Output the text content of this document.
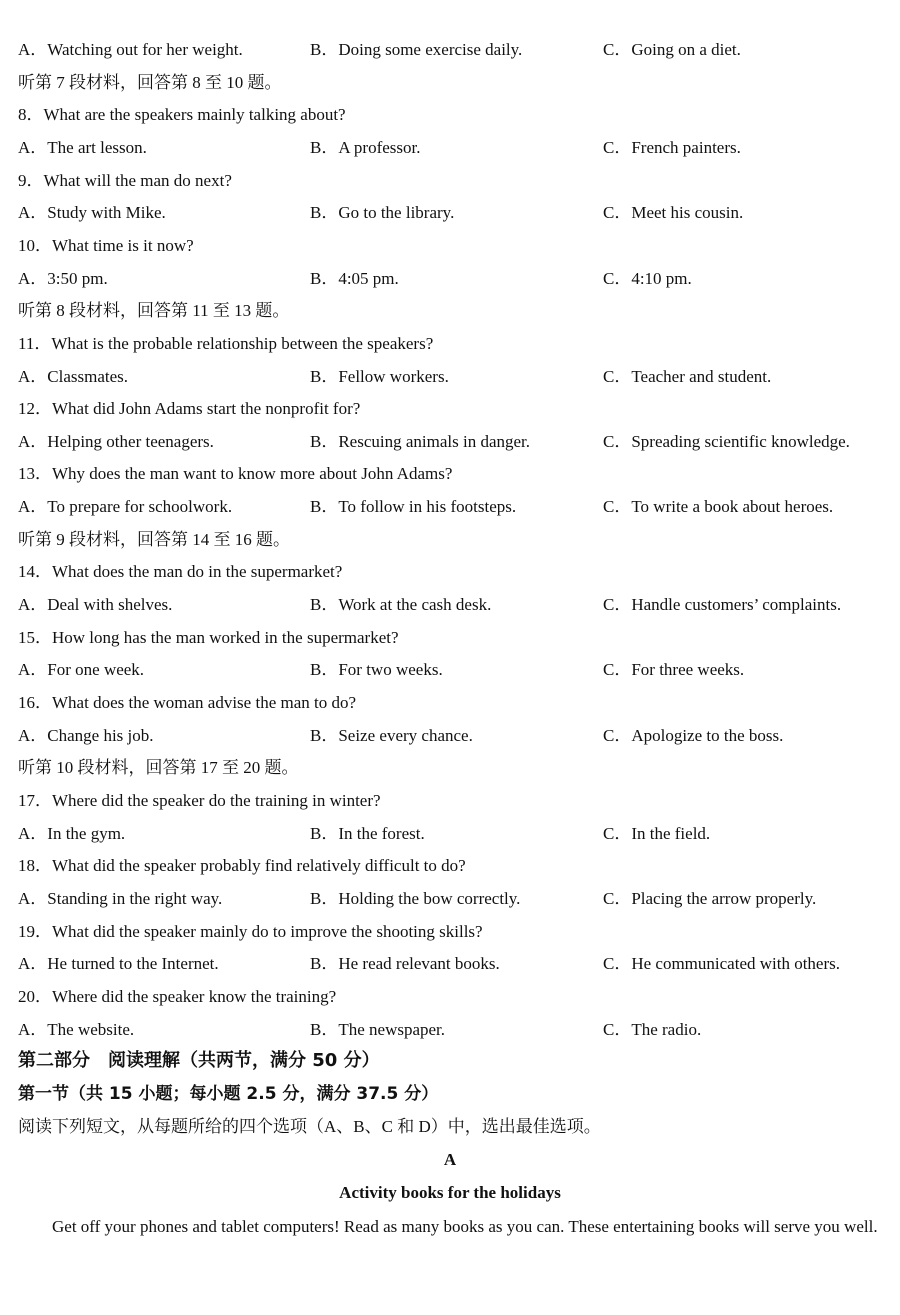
A．Watching out for her weight.	B．Doing some exercise daily.	C．Going on a diet.
听第 7 段材料，回答第 8 至 10 题。
8．What are the speakers mainly talking about?
A．The art lesson.	B．A professor.	C．French painters.
9．What will the man do next?
A．Study with Mike.	B．Go to the library.	C．Meet his cousin.
10．What time is it now?
A．3:50 pm.	B．4:05 pm.	C．4:10 pm.
听第 8 段材料，回答第 11 至 13 题。
11．What is the probable relationship between the speakers?
A．Classmates.	B．Fellow workers.	C．Teacher and student.
12．What did John Adams start the nonprofit for?
A．Helping other teenagers.	B．Rescuing animals in danger.	C．Spreading scientific knowledge.
13．Why does the man want to know more about John Adams?
A．To prepare for schoolwork.	B．To follow in his footsteps.	C．To write a book about heroes.
听第 9 段材料，回答第 14 至 16 题。
14．What does the man do in the supermarket?
A．Deal with shelves.	B．Work at the cash desk.	C．Handle customers’ complaints.
15．How long has the man worked in the supermarket?
A．For one week.	B．For two weeks.	C．For three weeks.
16．What does the woman advise the man to do?
A．Change his job.	B．Seize every chance.	C．Apologize to the boss.
听第 10 段材料，回答第 17 至 20 题。
17．Where did the speaker do the training in winter?
A．In the gym.	B．In the forest.	C．In the field.
18．What did the speaker probably find relatively difficult to do?
A．Standing in the right way.	B．Holding the bow correctly.	C．Placing the arrow properly.
19．What did the speaker mainly do to improve the shooting skills?
A．He turned to the Internet.	B．He read relevant books.	C．He communicated with others.
20．Where did the speaker know the training?
A．The website.	B．The newspaper.	C．The radio.
第二部分　阅读理解（共两节，满分 50 分）
第一节（共 15 小题；每小题 2.5 分，满分 37.5 分）
阅读下列短文，从每题所给的四个选项（A、B、C 和 D）中，选出最佳选项。
A
Activity books for the holidays
Get off your phones and tablet computers! Read as many books as you can. These entertaining books will serve you well.
